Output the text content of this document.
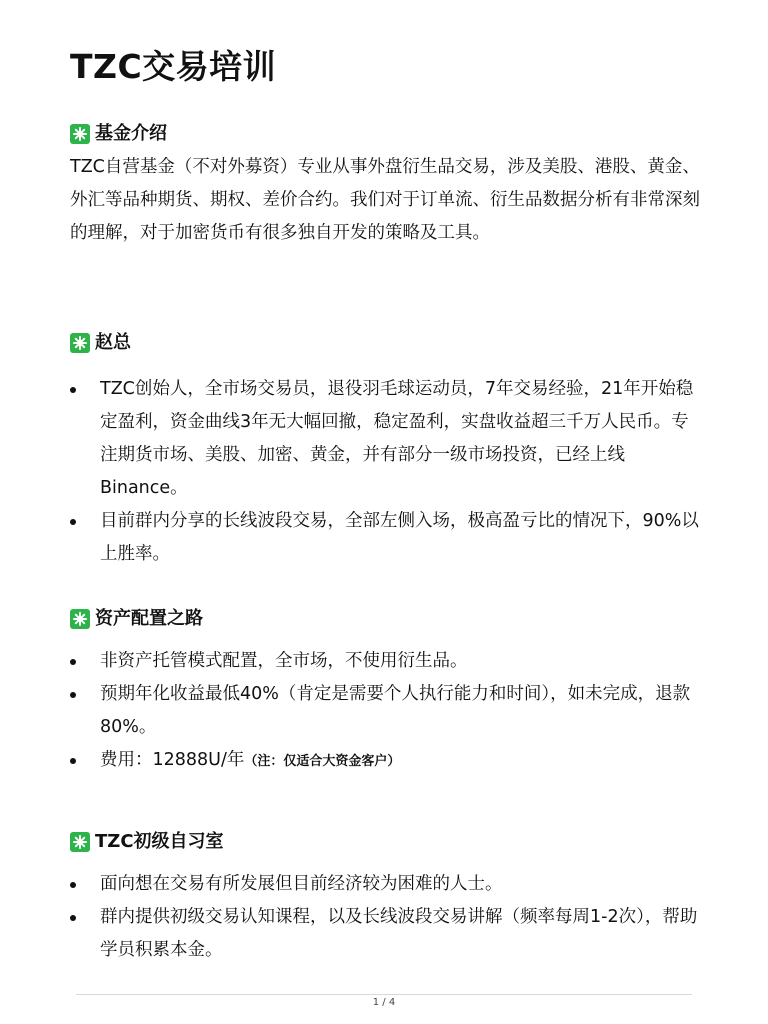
TZC交易培训
基金介绍

TZC自营基金（不对外募资）专业从事外盘衍生品交易，涉及美股、港股、黄金、外汇等品种期货、期权、差价合约。我们对于订单流、衍生品数据分析有非常深刻的理解，对于加密货币有很多独自开发的策略及工具。

赵总
TZC创始人，全市场交易员，退役羽毛球运动员，7年交易经验，21年开始稳定盈利，资金曲线3年无大幅回撤，稳定盈利，实盘收益超三千万人民币。专注期货市场、美股、加密、黄金，并有部分一级市场投资，已经上线Binance。
目前群内分享的长线波段交易，全部左侧入场，极高盈亏比的情况下，90%以上胜率。
资产配置之路
非资产托管模式配置，全市场，不使用衍生品。
预期年化收益最低40%（肯定是需要个人执行能力和时间），如未完成，退款80%。
费用：12888U/年（注：仅适合大资金客户）
TZC初级自习室
面向想在交易有所发展但目前经济较为困难的人士。
群内提供初级交易认知课程，以及长线波段交易讲解（频率每周1-2次），帮助学员积累本金。
1 / 4
